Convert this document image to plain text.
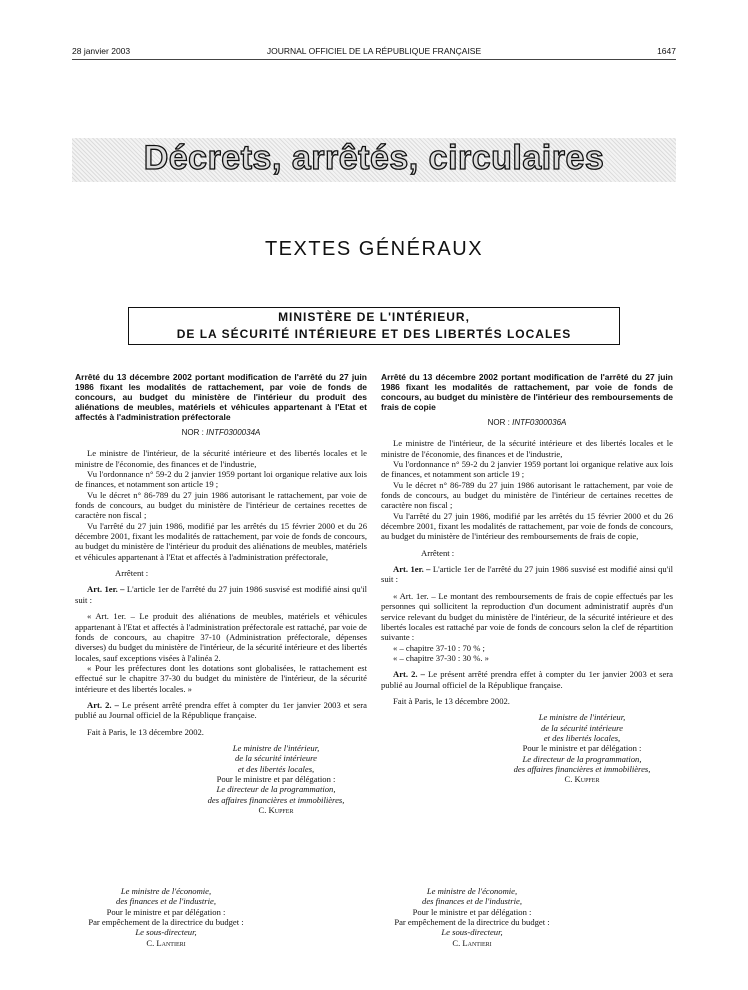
28 janvier 2003	JOURNAL OFFICIEL DE LA RÉPUBLIQUE FRANÇAISE	1647
Décrets, arrêtés, circulaires
TEXTES GÉNÉRAUX
MINISTÈRE DE L'INTÉRIEUR,
DE LA SÉCURITÉ INTÉRIEURE ET DES LIBERTÉS LOCALES

Arrêté du 13 décembre 2002 portant modification de l'arrêté du 27 juin 1986 fixant les modalités de rattachement, par voie de fonds de concours, au budget du ministère de l'intérieur du produit des aliénations de meubles, matériels et véhicules appartenant à l'Etat et affectés à l'administration préfectorale

NOR : INTF0300034A

Le ministre de l'intérieur, de la sécurité intérieure et des libertés locales et le ministre de l'économie, des finances et de l'industrie,

Vu l'ordonnance n° 59-2 du 2 janvier 1959 portant loi organique relative aux lois de finances, et notamment son article 19 ;

Vu le décret n° 86-789 du 27 juin 1986 autorisant le rattachement, par voie de fonds de concours, au budget du ministère de l'intérieur de certaines recettes de caractère non fiscal ;

Vu l'arrêté du 27 juin 1986, modifié par les arrêtés du 15 février 2000 et du 26 décembre 2001, fixant les modalités de rattachement, par voie de fonds de concours, au budget du ministère de l'intérieur du produit des aliénations de meubles, matériels et véhicules appartenant à l'Etat et affectés à l'administration préfectorale,

Arrêtent :

Art. 1er. – L'article 1er de l'arrêté du 27 juin 1986 susvisé est modifié ainsi qu'il suit :

« Art. 1er. – Le produit des aliénations de meubles, matériels et véhicules appartenant à l'Etat et affectés à l'administration préfectorale est rattaché, par voie de fonds de concours, au chapitre 37-10 (Administration préfectorale, dépenses diverses) du budget du ministère de l'intérieur, de la sécurité intérieure et des libertés locales, sauf exceptions visées à l'alinéa 2.

« Pour les préfectures dont les dotations sont globalisées, le rattachement est effectué sur le chapitre 37-30 du budget du ministère de l'intérieur, de la sécurité intérieure et des libertés locales. »

Art. 2. – Le présent arrêté prendra effet à compter du 1er janvier 2003 et sera publié au Journal officiel de la République française.

Fait à Paris, le 13 décembre 2002.

Le ministre de l'intérieur,

de la sécurité intérieure

et des libertés locales,

Pour le ministre et par délégation :

Le directeur de la programmation,

des affaires financières et immobilières,

C. Kupfer

Arrêté du 13 décembre 2002 portant modification de l'arrêté du 27 juin 1986 fixant les modalités de rattachement, par voie de fonds de concours, au budget du ministère de l'intérieur des remboursements de frais de copie

NOR : INTF0300036A

Le ministre de l'intérieur, de la sécurité intérieure et des libertés locales et le ministre de l'économie, des finances et de l'industrie,

Vu l'ordonnance n° 59-2 du 2 janvier 1959 portant loi organique relative aux lois de finances, et notamment son article 19 ;

Vu le décret n° 86-789 du 27 juin 1986 autorisant le rattachement, par voie de fonds de concours, au budget du ministère de l'intérieur de certaines recettes de caractère non fiscal ;

Vu l'arrêté du 27 juin 1986, modifié par les arrêtés du 15 février 2000 et du 26 décembre 2001, fixant les modalités de rattachement, par voie de fonds de concours, au budget du ministère de l'intérieur des remboursements de frais de copie,

Arrêtent :

Art. 1er. – L'article 1er de l'arrêté du 27 juin 1986 susvisé est modifié ainsi qu'il suit :

« Art. 1er. – Le montant des remboursements de frais de copie effectués par les personnes qui sollicitent la reproduction d'un document administratif auprès d'un service relevant du budget du ministère de l'intérieur, de la sécurité intérieure et des libertés locales est rattaché par voie de fonds de concours selon la clef de répartition suivante :

« – chapitre 37-10 : 70 % ;

« – chapitre 37-30 : 30 %. »

Art. 2. – Le présent arrêté prendra effet à compter du 1er janvier 2003 et sera publié au Journal officiel de la République française.

Fait à Paris, le 13 décembre 2002.

Le ministre de l'intérieur,

de la sécurité intérieure

et des libertés locales,

Pour le ministre et par délégation :

Le directeur de la programmation,

des affaires financières et immobilières,

C. Kupfer

Le ministre de l'économie,
des finances et de l'industrie,
Pour le ministre et par délégation :
Par empêchement de la directrice du budget :
Le sous-directeur,
C. Lantieri
Le ministre de l'économie,
des finances et de l'industrie,
Pour le ministre et par délégation :
Par empêchement de la directrice du budget :
Le sous-directeur,
C. Lantieri
